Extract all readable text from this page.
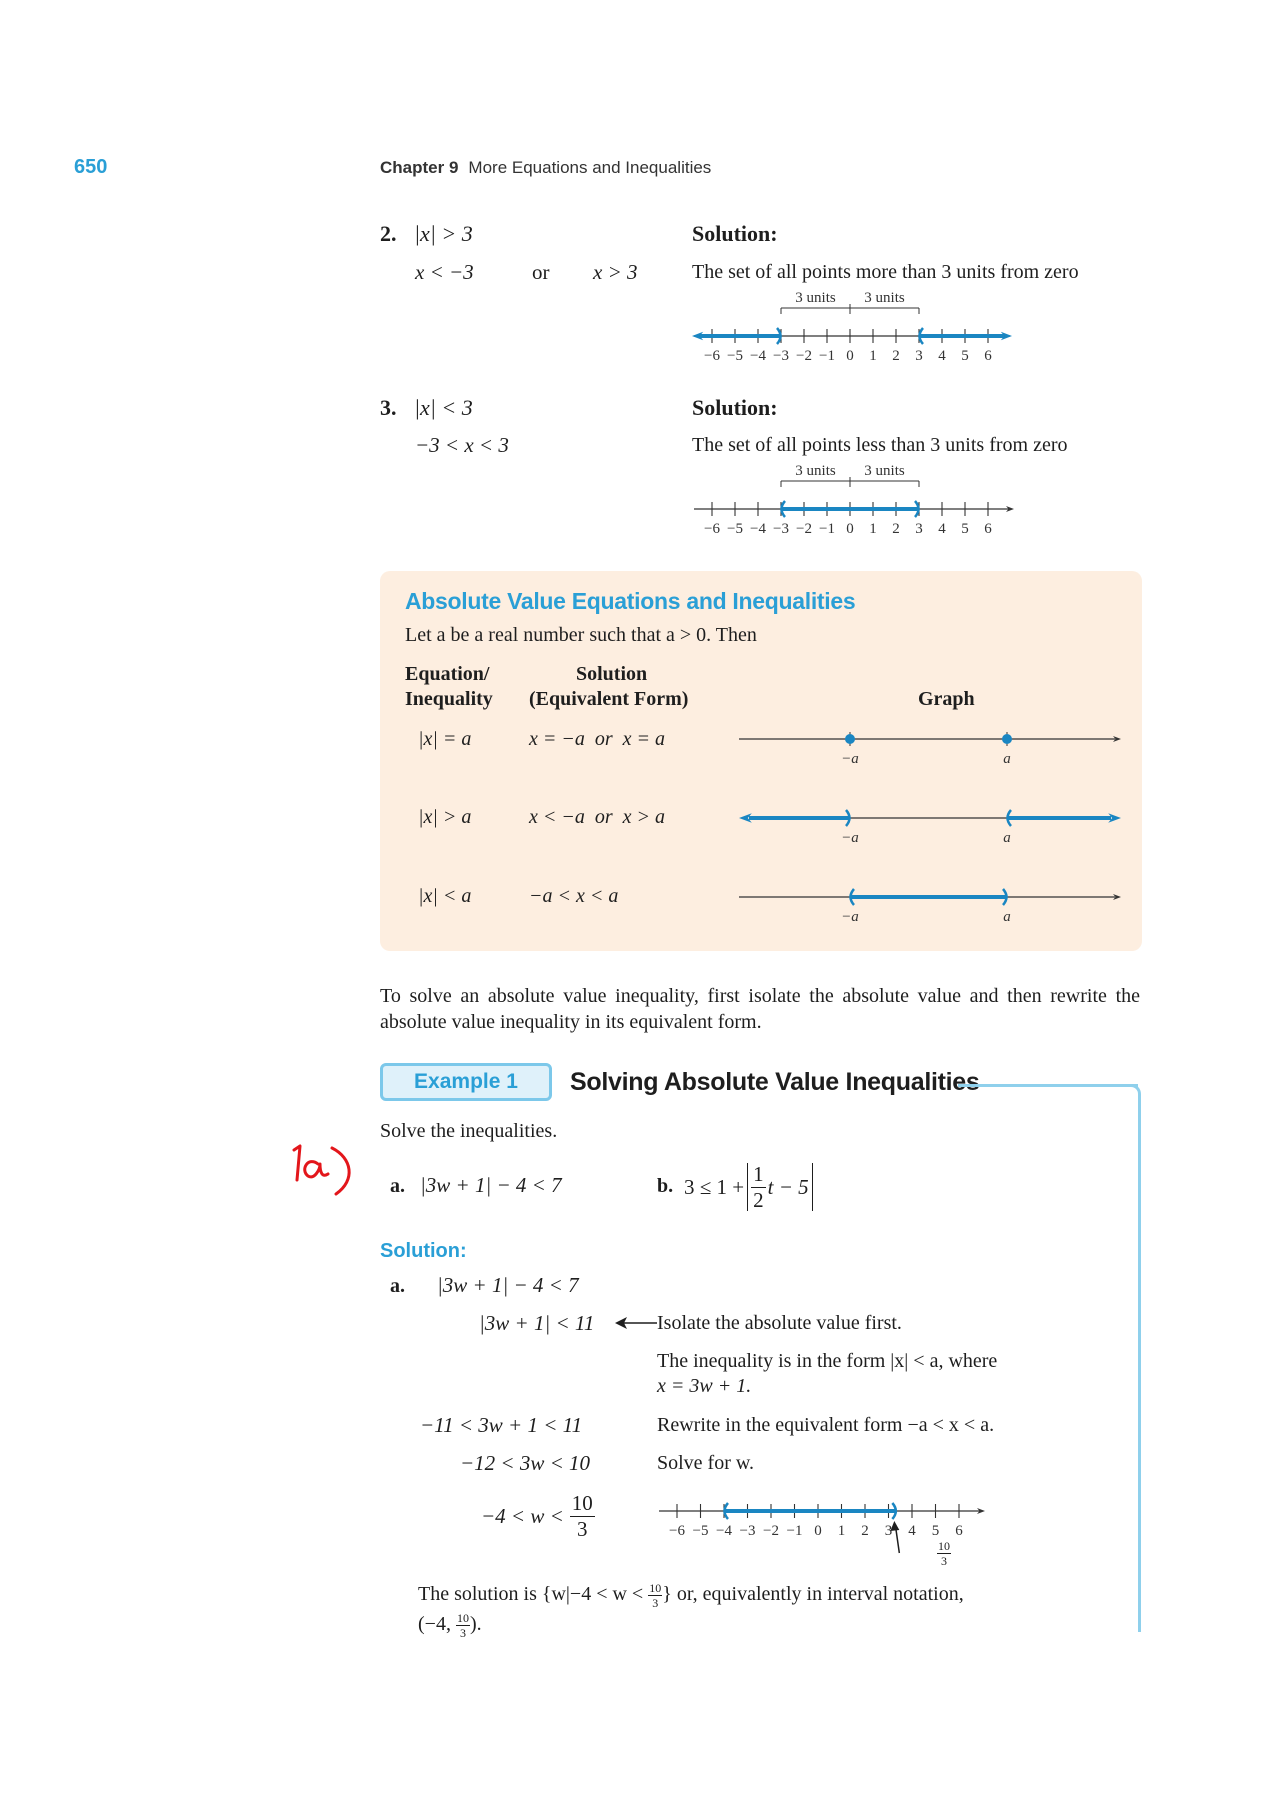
650	Chapter 9 More Equations and Inequalities
2. |x| > 3
x < −3	or x > 3
Solution:
The set of all points more than 3 units from zero
−6 −5 −4 −3 −2 −1 0 1 2 3 4 5 6
3 units 3 units
3. |x| < 3
−3 < x < 3
Solution:
The set of all points less than 3 units from zero
−6 −5 −4 −3 −2 −1 0 1 2 3 4 5 6
3 units 3 units
Absolute Value Equations and Inequalities
Let a be a real number such that a > 0. Then
Equation/
Inequality
Solution
(Equivalent Form)	Graph
|x| = a	x = −a  or  x = a
|x| > a	x < −a  or  x > a
|x| < a	−a < x < a
−a	a
−a	a
−a	a
To solve an absolute value inequality, first isolate the absolute value and then rewrite the absolute value inequality in its equivalent form.
Example 1	Solving Absolute Value Inequalities
Solve the inequalities.
a. |3w + 1| − 4 < 7	b. $3 \le 1 + \frac{1}{2}$ t − 5
Solution:
a. |3w + 1| − 4 < 7
|3w + 1| < 11	Isolate the absolute value first.
The inequality is in the form |x| < a, where
x = 3w + 1.
−11 < 3w + 1 < 11	Rewrite in the equivalent form −a < x < a.
−12 < 3w < 10	Solve for w.
$-4 < w < \frac{10}{3}$	−6 −5 −4 −3 −2 −1 0 1 2 3 4 5 6
$\frac{10}{3}$
The solution is {$w|-4 < w < \frac{10}{3}$ } or, equivalently in interval notation,
(−4, $\frac{10}{3}$ ).
